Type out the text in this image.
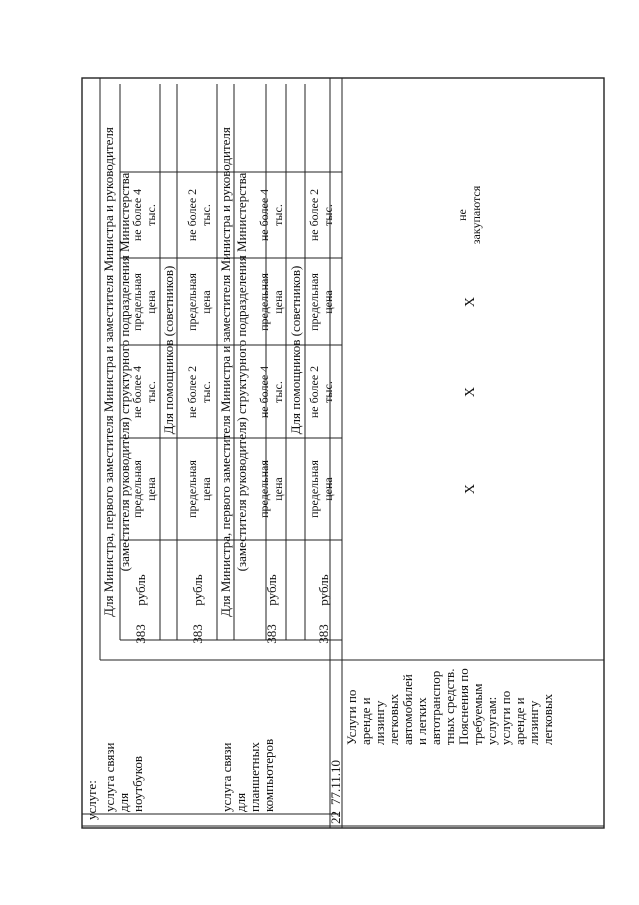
услуге: услуга связи для ноутбуков
Для Министра, первого заместителя Министра и заместителя Министра и руководителя (заместителя руководителя) структурного подразделения Министерства
383
рубль
предельная цена
не более 4 тыс.
предельная цена
не более 4 тыс.
Для помощников (советников)
383
рубль
предельная цена
не более 2 тыс.
предельная цена
не более 2 тыс.
услуга связи для планшетных компьютеров
Для Министра, первого заместителя Министра и заместителя Министра и руководителя (заместителя руководителя) структурного подразделения Министерства
383
рубль
предельная цена
не более 4 тыс.
предельная цена
не более 4 тыс.
Для помощников (советников)
383
рубль
предельная цена
не более 2 тыс.
предельная цена
не более 2 тыс.
22
77.11.10
Услуги по аренде и лизингу легковых автомобилей и легких автотранспор тных средств. Пояснения по требуемым услугам: услуги по аренде и лизингу легковых
X
X
X
не закупаются
